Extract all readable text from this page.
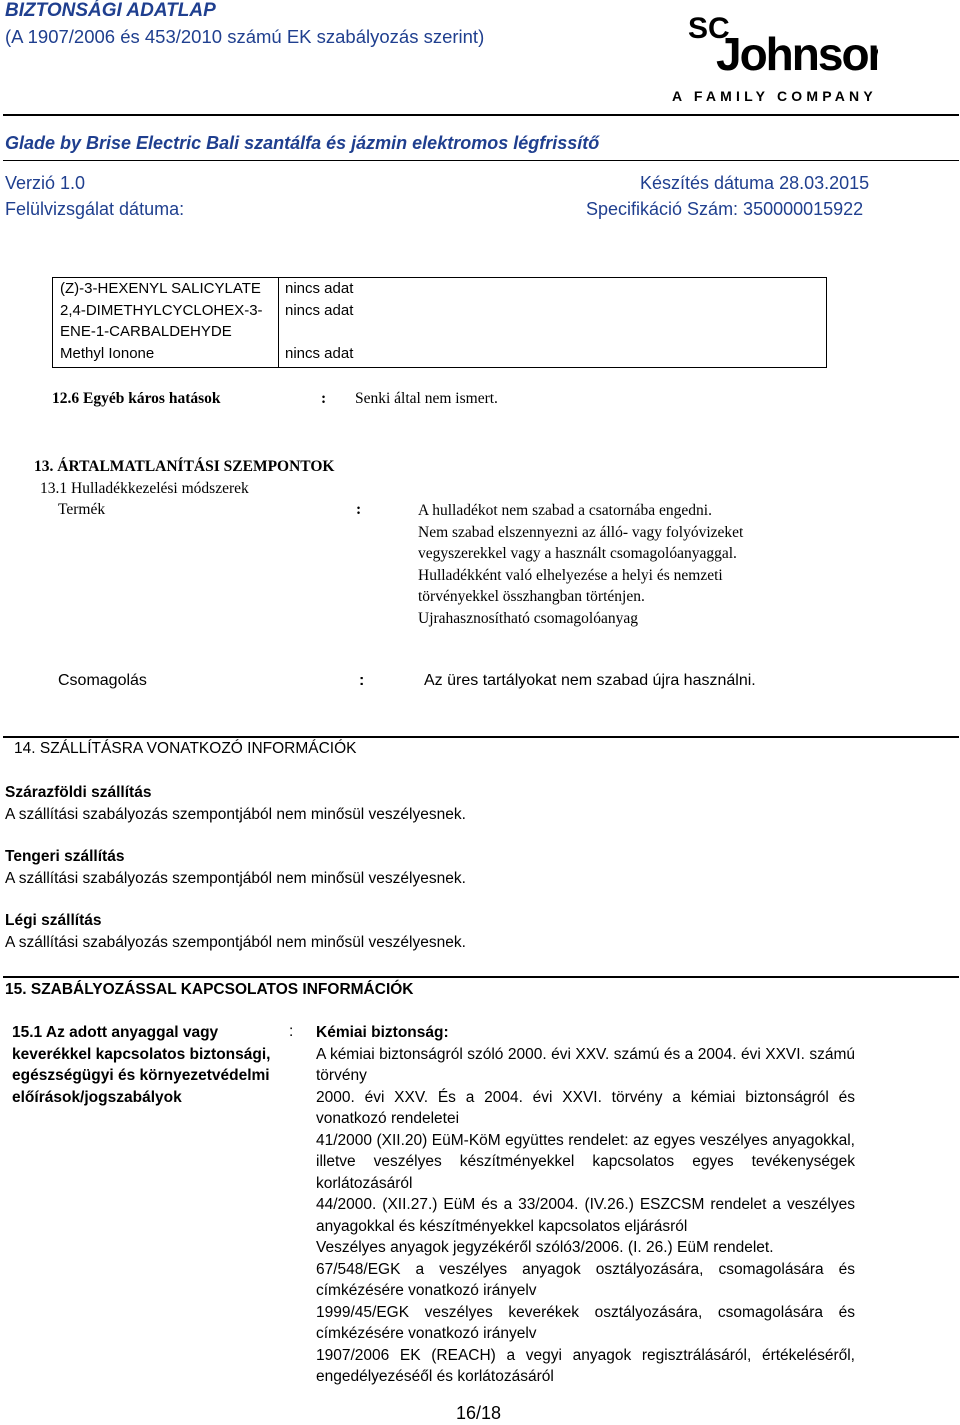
BIZTONSÁGI ADATLAP
(A 1907/2006 és 453/2010 számú EK szabályozás szerint)	SC
Johnson
A FAMILY COMPANY
Glade by Brise Electric Bali szantálfa és jázmin elektromos légfrissítő
Verzió 1.0	Készítés dátuma 28.03.2015
Felülvizsgálat dátuma:	Specifikáció Szám: 350000015922
(Z)-3-HEXENYL SALICYLATE nincs adat
2,4-DIMETHYLCYCLOHEX-3- nincs adat
ENE-1-CARBALDEHYDE
Methyl Ionone	nincs adat
12.6 Egyéb káros hatások	: Senki által nem ismert.
13. ÁRTALMATLANÍTÁSI SZEMPONTOK
13.1 Hulladékkezelési módszerek
Termék	:	A hulladékot nem szabad a csatornába engedni.
Nem szabad elszennyezni az álló- vagy folyóvizeket
vegyszerekkel vagy a használt csomagolóanyaggal.
Hulladékként való elhelyezése a helyi és nemzeti
törvényekkel összhangban történjen.
Ujrahasznosítható csomagolóanyag
Csomagolás	:	Az üres tartályokat nem szabad újra használni.
14. SZÁLLÍTÁSRA VONATKOZÓ INFORMÁCIÓK
Szárazföldi szállítás
A szállítási szabályozás szempontjából nem minősül veszélyesnek.
Tengeri szállítás
A szállítási szabályozás szempontjából nem minősül veszélyesnek.
Légi szállítás
A szállítási szabályozás szempontjából nem minősül veszélyesnek.
15. SZABÁLYOZÁSSAL KAPCSOLATOS INFORMÁCIÓK
15.1 Az adott anyaggal vagy
keverékkel kapcsolatos biztonsági,
egészségügyi és környezetvédelmi
előírások/jogszabályok
: Kémiai biztonság:
A kémiai biztonságról szóló 2000. évi XXV. számú és a 2004. évi XXVI. számú törvény
2000. évi XXV. És a 2004. évi XXVI. törvény a kémiai biztonságról és vonatkozó rendeletei
41/2000 (XII.20) EüM-KöM együttes rendelet: az egyes veszélyes anyagokkal, illetve veszélyes készítményekkel kapcsolatos egyes tevékenységek korlátozásáról
44/2000. (XII.27.) EüM és a 33/2004. (IV.26.) ESZCSM rendelet a veszélyes anyagokkal és készítményekkel kapcsolatos eljárásról
Veszélyes anyagok jegyzékéről szóló3/2006. (I. 26.) EüM rendelet.
67/548/EGK a veszélyes anyagok osztályozására, csomagolására és címkézésére vonatkozó irányelv
1999/45/EGK veszélyes keverékek osztályozására, csomagolására és címkézésére vonatkozó irányelv
1907/2006 EK (REACH) a vegyi anyagok regisztrálásáról, értékeléséről, engedélyezéséől és korlátozásáról
16/18
